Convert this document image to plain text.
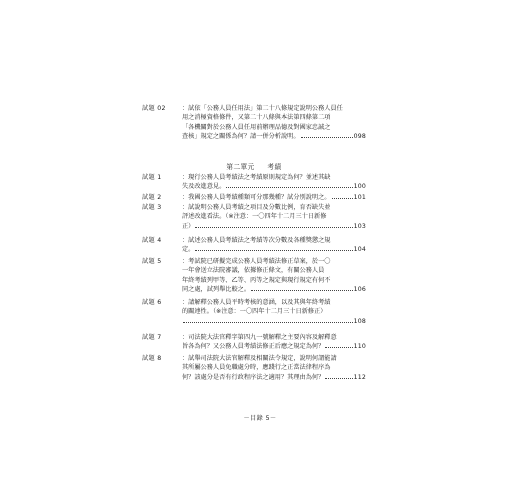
試題 02	：試依「公務人員任用法」第二十八條規定說明公務人員任
用之消極資格條件，又第二十八條與本法第四條第二項
「各機關對於公務人員任用前辦理品德及對國家忠誠之
查核」規定之關係為何？請一併分析說明。	098
第二單元 考績
試題 1	：現行公務人員考績法之考績原則規定為何？並述其缺
失及改進意見。	100
試題 2	：我國公務人員考績種類可分那幾種？試分別說明之。	101
試題 3	：試說明公務人員考績之項目及分數比例，育否缺失並
評述改進看法。（※注意：一〇四年十二月三十日新修
正）	103
試題 4	：試述公務人員考績法之考績等次分數及各種獎懲之規
定。	104
試題 5	：考試院已研擬完成公務人員考績法修正草案，於一〇
一年會送立法院審議，依據修正條文，有關公務人員
年終考績列甲等、乙等、丙等之規定與現行規定有何不
同之處，試列舉比較之。	106
試題 6	：請解釋公務人員平時考核的意涵，以及其與年終考績
的關連性。（※注意：一〇四年十二月三十日新修正）
108
試題 7	：司法院大法官釋字第四九一號解釋之主要內容及解釋意
旨各為何？又公務人員考績法修正后應之規定為何？	110
試題 8	：試舉司法院大法官解釋及相關法令規定，說明何謂能請
其所屬公務人員免職處分時，應踐行之正當法律程序為
何？該處分是否有行政程序法之適用？其理由為何？	112
－目錄 5－
